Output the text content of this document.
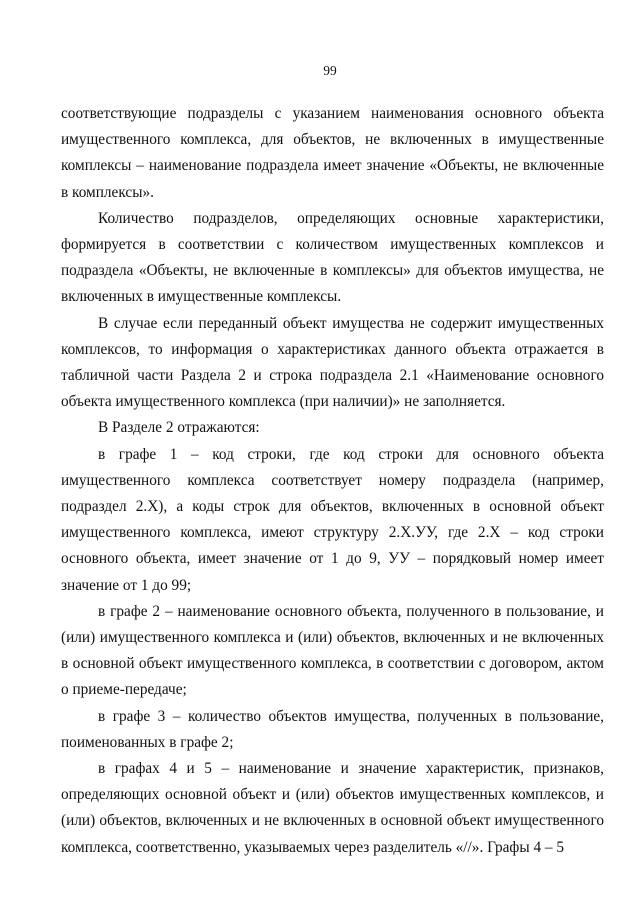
99

соответствующие подразделы с указанием наименования основного объекта имущественного комплекса, для объектов, не включенных в имущественные комплексы – наименование подраздела имеет значение «Объекты, не включенные в комплексы».

Количество подразделов, определяющих основные характеристики, формируется в соответствии с количеством имущественных комплексов и подраздела «Объекты, не включенные в комплексы» для объектов имущества, не включенных в имущественные комплексы.

В случае если переданный объект имущества не содержит имущественных комплексов, то информация о характеристиках данного объекта отражается в табличной части Раздела 2 и строка подраздела 2.1 «Наименование основного объекта имущественного комплекса (при наличии)» не заполняется.

В Разделе 2 отражаются:

в графе 1 – код строки, где код строки для основного объекта имущественного комплекса соответствует номеру подраздела (например, подраздел 2.Х), а коды строк для объектов, включенных в основной объект имущественного комплекса, имеют структуру 2.Х.УУ, где 2.Х – код строки основного объекта, имеет значение от 1 до 9, УУ – порядковый номер имеет значение от 1 до 99;

в графе 2 – наименование основного объекта, полученного в пользование, и (или) имущественного комплекса и (или) объектов, включенных и не включенных в основной объект имущественного комплекса, в соответствии с договором, актом о приеме-передаче;

в графе 3 – количество объектов имущества, полученных в пользование, поименованных в графе 2;

в графах 4 и 5 – наименование и значение характеристик, признаков, определяющих основной объект и (или) объектов имущественных комплексов, и (или) объектов, включенных и не включенных в основной объект имущественного комплекса, соответственно, указываемых через разделитель «//». Графы 4 – 5
